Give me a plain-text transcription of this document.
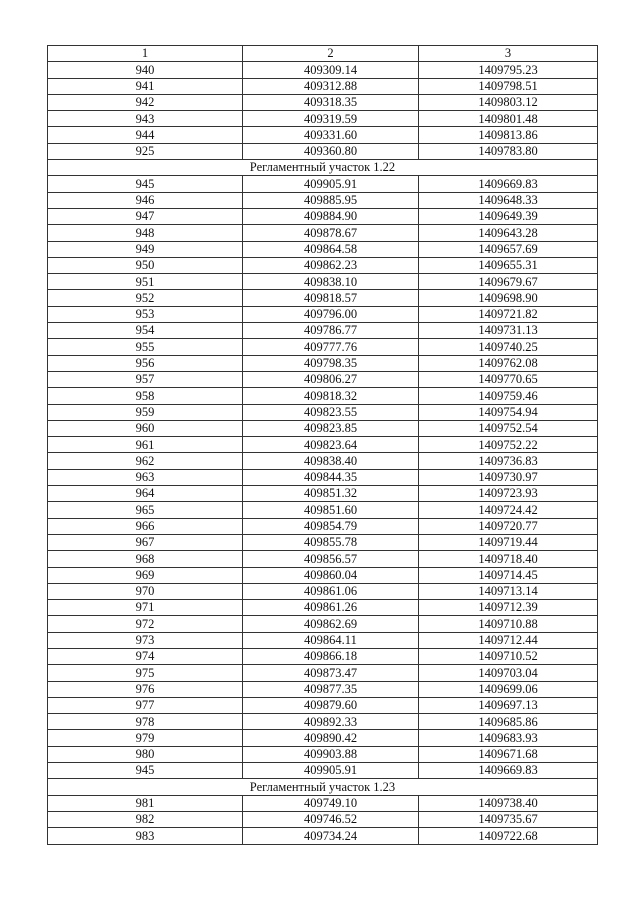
1	2	3
940	409309.14	1409795.23
941	409312.88	1409798.51
942	409318.35	1409803.12
943	409319.59	1409801.48
944	409331.60	1409813.86
925	409360.80	1409783.80
Регламентный участок 1.22		
945	409905.91	1409669.83
946	409885.95	1409648.33
947	409884.90	1409649.39
948	409878.67	1409643.28
949	409864.58	1409657.69
950	409862.23	1409655.31
951	409838.10	1409679.67
952	409818.57	1409698.90
953	409796.00	1409721.82
954	409786.77	1409731.13
955	409777.76	1409740.25
956	409798.35	1409762.08
957	409806.27	1409770.65
958	409818.32	1409759.46
959	409823.55	1409754.94
960	409823.85	1409752.54
961	409823.64	1409752.22
962	409838.40	1409736.83
963	409844.35	1409730.97
964	409851.32	1409723.93
965	409851.60	1409724.42
966	409854.79	1409720.77
967	409855.78	1409719.44
968	409856.57	1409718.40
969	409860.04	1409714.45
970	409861.06	1409713.14
971	409861.26	1409712.39
972	409862.69	1409710.88
973	409864.11	1409712.44
974	409866.18	1409710.52
975	409873.47	1409703.04
976	409877.35	1409699.06
977	409879.60	1409697.13
978	409892.33	1409685.86
979	409890.42	1409683.93
980	409903.88	1409671.68
945	409905.91	1409669.83
Регламентный участок 1.23		
981	409749.10	1409738.40
982	409746.52	1409735.67
983	409734.24	1409722.68
